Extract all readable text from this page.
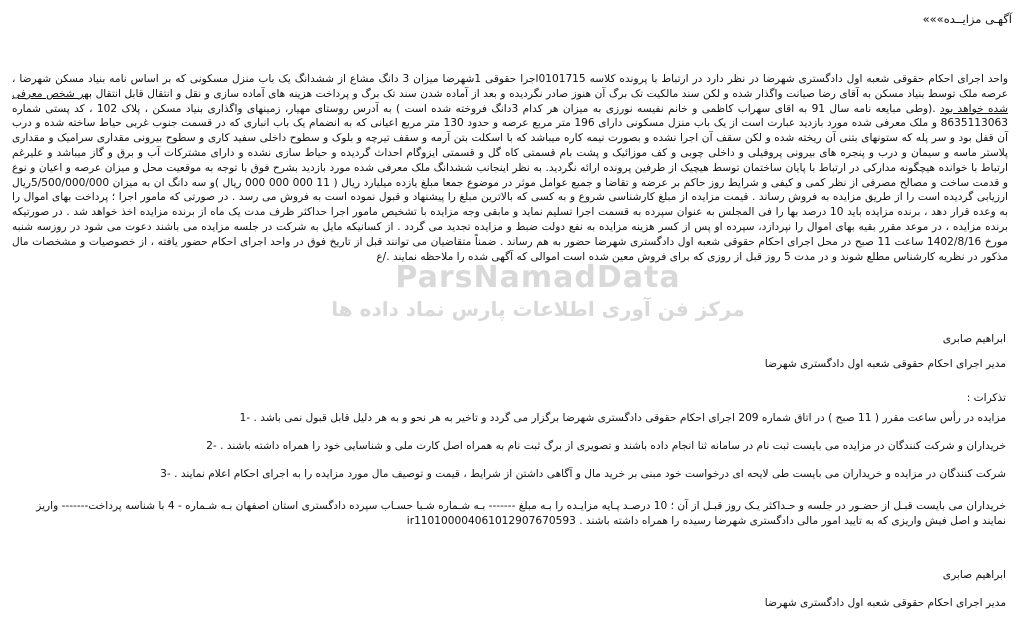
آگهـی مزایــده»»»
واحد اجرای احکام حقوقی شعبه اول دادگستری شهرضا در نظر دارد در ارتباط با پرونده کلاسه 0101715اجرا حقوقی 1شهرضا میزان 3 دانگ مشاع از ششدانگ یک باب منزل مسکونی که بر اساس نامه بنیاد مسکن شهرضا ، عرصه ملک توسط بنیاد مسکن به آقای رضا صیانت واگذار شده و لکن سند مالکیت تک برگ آن هنوز صادر نگردیده و بعد از آماده شدن سند تک برگ و پرداخت هزینه های آماده سازی و نقل و انتقال قابل انتقال بهر شخص معرفی شده خواهد بود .(وطی مبایعه نامه سال 91 به اقای سهراب کاظمی و خانم نفیسه نورزی به میزان هر کدام 3دانگ فروخته شده است ) به آدرس روستای مهیار، زمینهای واگذاری بنیاد مسکن ، پلاک 102 ، کد پستی شماره 8635113063 و ملک معرفی شده مورد بازدید عبارت است از یک باب منزل مسکونی دارای 196 متر مربع عرصه و حدود 130 متر مربع اعیانی که به انضمام یک باب انباری که در قسمت جنوب غربی حیاط ساخته شده و درب آن قفل بود و سر پله که ستونهای بتنی آن ریخته شده و لکن سقف آن اجرا نشده و بصورت نیمه کاره میباشد که با اسکلت بتن آرمه و سقف تیرچه و بلوک و سطوح داخلی سفید کاری و سطوح بیرونی مقداری سرامیک و مقداری پلاستر ماسه و سیمان و درب و پنجره های بیرونی پروفیلی و داخلی چوبی و کف موزائیک و پشت بام قسمتی کاه گل و قسمتی ایزوگام احداث گردیده و حیاط سازی نشده و دارای مشترکات آب و برق و گاز میباشد و علیرغم ارتباط با خوانده هیچگونه مدارکی در ارتباط با پایان ساختمان توسط هیچیک از طرفین پرونده ارائه نگردید. به نظر اینجانب ششدانگ ملک معرفی شده مورد بازدید بشرح فوق با توجه به موقعیت محل و میزان عرصه و اعیان و نوع و قدمت ساخت و مصالح مصرفی از نظر کمی و کیفی و شرایط روز حاکم بر عرضه و تقاضا و جمیع عوامل موثر در موضوع جمعا مبلغ یازده میلیارد ریال ( 11 000 000 000 ریال )و سه دانگ ان به میزان 5/500/000/000ریال ارزیابی گردیده است را از طریق مزایده به فروش رساند . قیمت مزایده از مبلغ کارشناسی شروع و به کسی که بالاترین مبلغ را پیشنهاد و قبول نموده است به فروش می رسد . در صورتی که مامور اجرا ؛ پرداخت بهای اموال را به وعده قرار دهد ، برنده مزایده باید 10 درصد بها را فی المجلس به عنوان سپرده به قسمت اجرا تسلیم نماید و مابقی وجه مزایده با تشخیص مامور اجرا حداکثر ظرف مدت یک ماه از برنده مزایده اخذ خواهد شد . در صورتیکه برنده مزایده ، در موعد مقرر بقیه بهای اموال را نپردازد، سپرده او پس از کسر هزینه مزایده به نفع دولت ضبط و مزایده تجدید می گردد . از کسانیکه مایل به شرکت در جلسه مزایده می باشند دعوت می شود در روزسه شنبه مورخ 1402/8/16 ساعت 11 صبح در محل اجرای احکام حقوقی شعبه اول دادگستری شهرضا حضور به هم رساند . ضمناً متقاضیان می توانند قبل از تاریخ فوق در واحد اجرای احکام حضور یافته ، از خصوصیات و مشخصات مال مذکور در نظریه کارشناس مطلع شوند و در مدت 5 روز قبل از روزی که برای فروش معین شده است اموالی که آگهی شده را ملاحظه نمایند ./ع
ParsNamadData
مرکز فن آوری اطلاعات پارس نماد داده ها
ابراهیم صابری
مدیر اجرای احکام حقوقی شعبه اول دادگستری شهرضا
تذکرات :
مزایده در رأس ساعت مقرر ( 11 صبح ) در اتاق شماره 209 اجرای احکام حقوقی دادگستری شهرضا برگزار می گردد و تاخیر به هر نحو و به هر دلیل قابل قبول نمی باشد . -1
خریداران و شرکت کنندگان در مزایده می بایست ثبت نام در سامانه ثنا انجام داده باشند و تصویری از برگ ثبت نام به همراه اصل کارت ملی و شناسایی خود را همراه داشته باشند . -2
شرکت کنندگان در مزایده و خریداران می بایست طی لایحه ای درخواست خود مبنی بر خرید مال و آگاهی داشتن از شرایط ، قیمت و توصیف مال مورد مزایده را به اجرای احکام اعلام نمایند . -3
خریداران می بایست قبـل از حضـور در جلسه و حـداکثر یـک روز قبـل از آن ؛ 10 درصـد پـایه مزایـده را بـه مبلغ ------- بـه شـماره شـبا حسـاب سپرده دادگستری استان اصفهان بـه شـماره - 4 با شناسه پرداخت------- واریز نمایند و اصل فیش واریزی که به تایید امور مالی دادگستری شهرضا رسیده را همراه داشته باشند . ir110100004061012907670593
ابراهیم صابری
مدیر اجرای احکام حقوقی شعبه اول دادگستری شهرضا
